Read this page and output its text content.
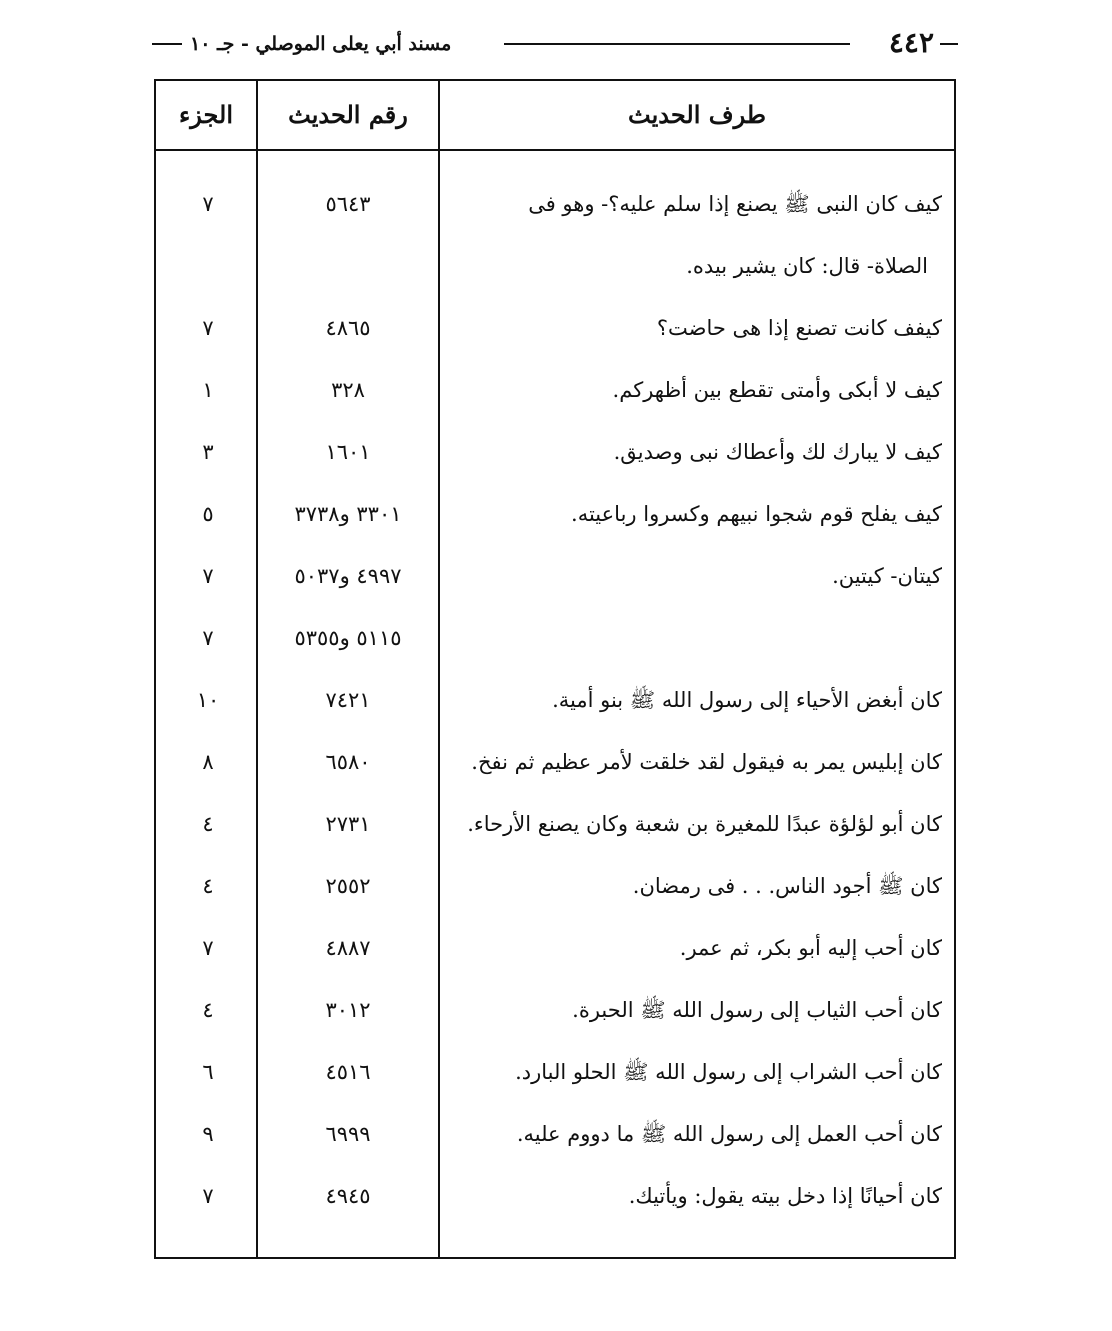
٤٤٢
مسند أبي يعلى الموصلي - جـ ١٠
طرف الحديث
رقم الحديث
الجزء
كيف كان النبى ﷺ يصنع إذا سلم عليه؟- وهو فى
الصلاة- قال: كان يشير بيده.
٥٦٤٣
٧
كيفف كانت تصنع إذا هى حاضت؟
٤٨٦٥
٧
كيف لا أبكى وأمتى تقطع بين أظهركم.
٣٢٨
١
كيف لا يبارك لك وأعطاك نبى وصديق.
١٦٠١
٣
كيف يفلح قوم شجوا نبيهم وكسروا رباعيته.
٣٣٠١ و٣٧٣٨
٥
كيتان- كيتين.
٤٩٩٧ و٥٠٣٧
٧
٥١١٥ و٥٣٥٥
٧
كان أبغض الأحياء إلى رسول الله ﷺ بنو أمية.
٧٤٢١
١٠
كان إبليس يمر به فيقول لقد خلقت لأمر عظيم ثم نفخ.
٦٥٨٠
٨
كان أبو لؤلؤة عبدًا للمغيرة بن شعبة وكان يصنع الأرحاء.
٢٧٣١
٤
كان ﷺ أجود الناس. . . فى رمضان.
٢٥٥٢
٤
كان أحب إليه أبو بكر، ثم عمر.
٤٨٨٧
٧
كان أحب الثياب إلى رسول الله ﷺ الحبرة.
٣٠١٢
٤
كان أحب الشراب إلى رسول الله ﷺ الحلو البارد.
٤٥١٦
٦
كان أحب العمل إلى رسول الله ﷺ ما دووم عليه.
٦٩٩٩
٩
كان أحيانًا إذا دخل بيته يقول: ويأتيك.
٤٩٤٥
٧
